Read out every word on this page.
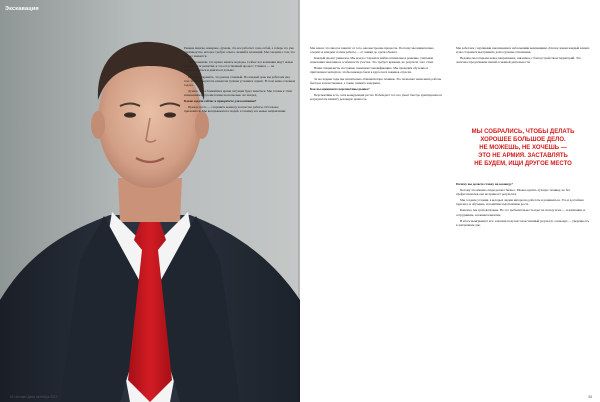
Экскавация

Раньше многие, наверное, думали, что все работает само собой, а теперь это уже производство, которое требует опыта, знаний и вложений. Мы говорим о том, что бизнес меняется.

Мы понимали, что нужно менять подходы. Сейчас все компании ищут новые решения для развития, и это естественный процесс. Главное — не останавливаться и двигаться дальше.

Не будем скрывать, что рынок сложный. Но каждый день мы работаем над тем, чтобы предлагать клиентам лучшие условия и сервис. В этом наша основная задача.

Думаю, что в ближайшее время ситуация будет меняться. Мы готовы к этим изменениям и строим планы на несколько лет вперед.

Какие задачи сейчас в приоритете для компании?

Прежде всего — сохранить команду и качество работы. Остальное приложится. Мы вкладываемся в людей, в технику и в новые направления.

64 Человек Дела сентябрь 2017

Мы знаем, что многое зависит от того, как выстроены процессы. Поэтому мы внимательно следим за каждым этапом работы — от заявки до сдачи объекта.

Каждый проект уникален. Мы всегда стараемся найти оптимальное решение, учитывая пожелания заказчика и особенности участка. Это требует времени, но результат того стоит.

Наши специалисты постоянно повышают квалификацию. Мы проводим обучение и приглашаем экспертов, чтобы команда была в курсе всех новинок отрасли.

За последние годы мы значительно обновили парк техники. Это позволяет выполнять работы быстрее и качественнее, а также снижать издержки.

Как вы оцениваете перспективы рынка?

Перспективы есть, хотя конкуренция растет. Побеждает тот, кто умеет быстро адаптироваться и предлагать клиенту реальную ценность.

Мы работаем с крупными заказчиками и небольшими компаниями. Для нас важен каждый клиент, и мы стараемся выстраивать долгосрочные отношения.

Недавно мы открыли новое направление, связанное с благоустройством территорий. Это логичное продолжение нашей основной деятельности.

МЫ СОБРАЛИСЬ, ЧТОБЫ ДЕЛАТЬ
ХОРОШЕЕ БОЛЬШОЕ ДЕЛО.
НЕ МОЖЕШЬ, НЕ ХОЧЕШЬ —
ЭТО НЕ АРМИЯ. ЗАСТАВЛЯТЬ
НЕ БУДЕМ, ИЩИ ДРУГОЕ МЕСТО

Почему вы делаете ставку на команду?

Потому что именно люди делают бизнес. Можно купить лучшую технику, но без профессионалов она не принесет результата.

Мы создаем условия, в которых людям интересно работать и развиваться. Это и достойная зарплата, и обучение, и понятные перспективы роста.

Конечно, мы требовательны. Но эта требовательность идет на пользу всем — и компании, и сотрудникам, и нашим клиентам.

В итоге выигрывают все: заказчик получает качественный результат, а команда — уверенность в завтрашнем дне.

65
